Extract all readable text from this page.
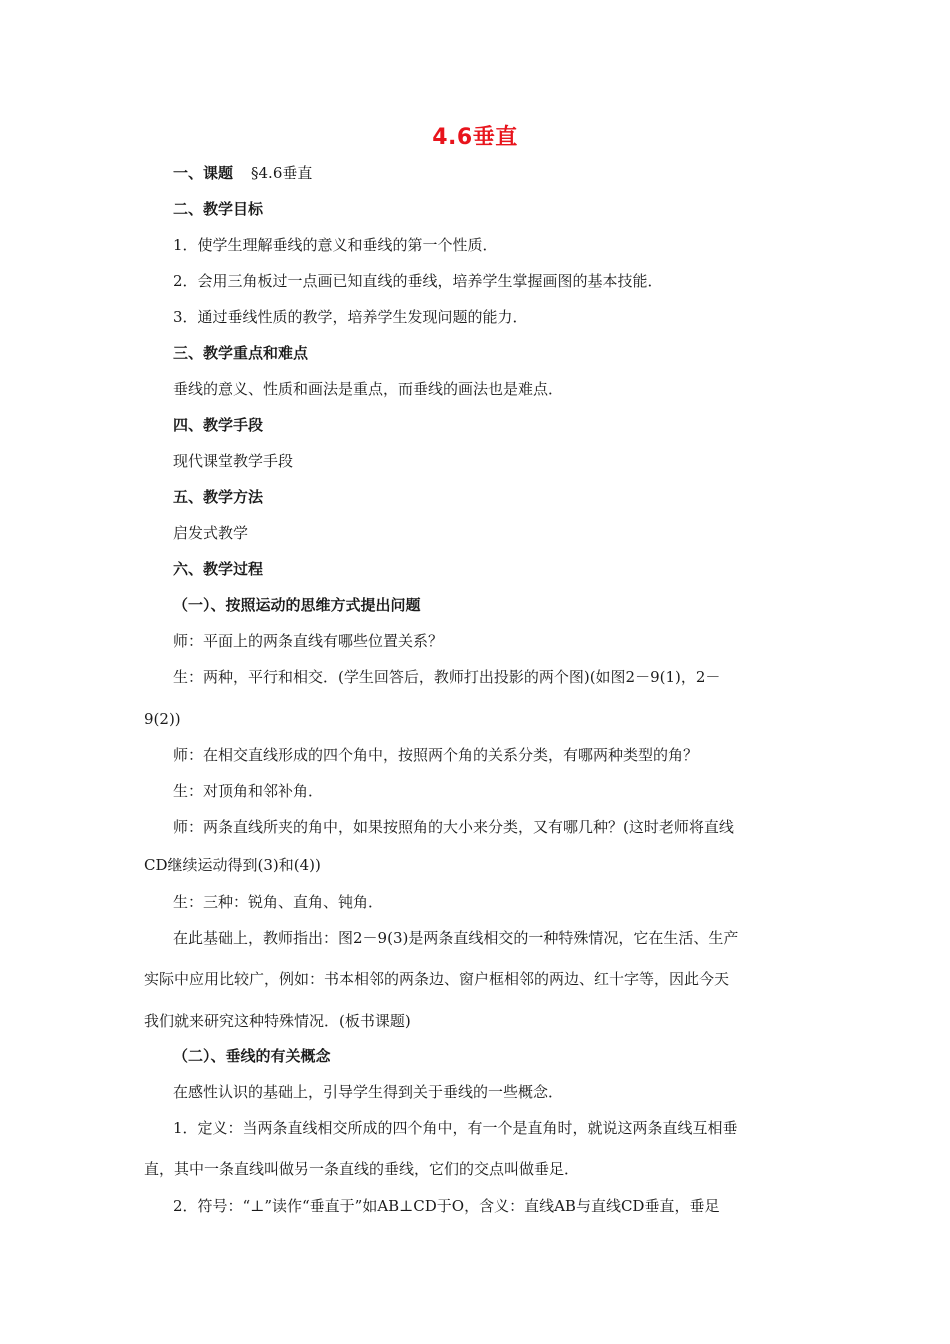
4.6垂直
一、课题 §4.6垂直
二、教学目标
1．使学生理解垂线的意义和垂线的第一个性质．
2．会用三角板过一点画已知直线的垂线，培养学生掌握画图的基本技能．
3．通过垂线性质的教学，培养学生发现问题的能力．
三、教学重点和难点
垂线的意义、性质和画法是重点，而垂线的画法也是难点．
四、教学手段
现代课堂教学手段
五、教学方法
启发式教学
六、教学过程
（一）、按照运动的思维方式提出问题
师：平面上的两条直线有哪些位置关系？
生：两种，平行和相交．(学生回答后，教师打出投影的两个图)(如图2－9(1)，2－
9(2))
师：在相交直线形成的四个角中，按照两个角的关系分类，有哪两种类型的角？
生：对顶角和邻补角．
师：两条直线所夹的角中，如果按照角的大小来分类，又有哪几种？(这时老师将直线
CD继续运动得到(3)和(4))
生：三种：锐角、直角、钝角．
在此基础上，教师指出：图2－9(3)是两条直线相交的一种特殊情况，它在生活、生产
实际中应用比较广，例如：书本相邻的两条边、窗户框相邻的两边、红十字等，因此今天
我们就来研究这种特殊情况．(板书课题)
（二）、垂线的有关概念
在感性认识的基础上，引导学生得到关于垂线的一些概念．
1．定义：当两条直线相交所成的四个角中，有一个是直角时，就说这两条直线互相垂
直，其中一条直线叫做另一条直线的垂线，它们的交点叫做垂足．
2．符号：“⊥”读作“垂直于”如AB⊥CD于O，含义：直线AB与直线CD垂直，垂足
